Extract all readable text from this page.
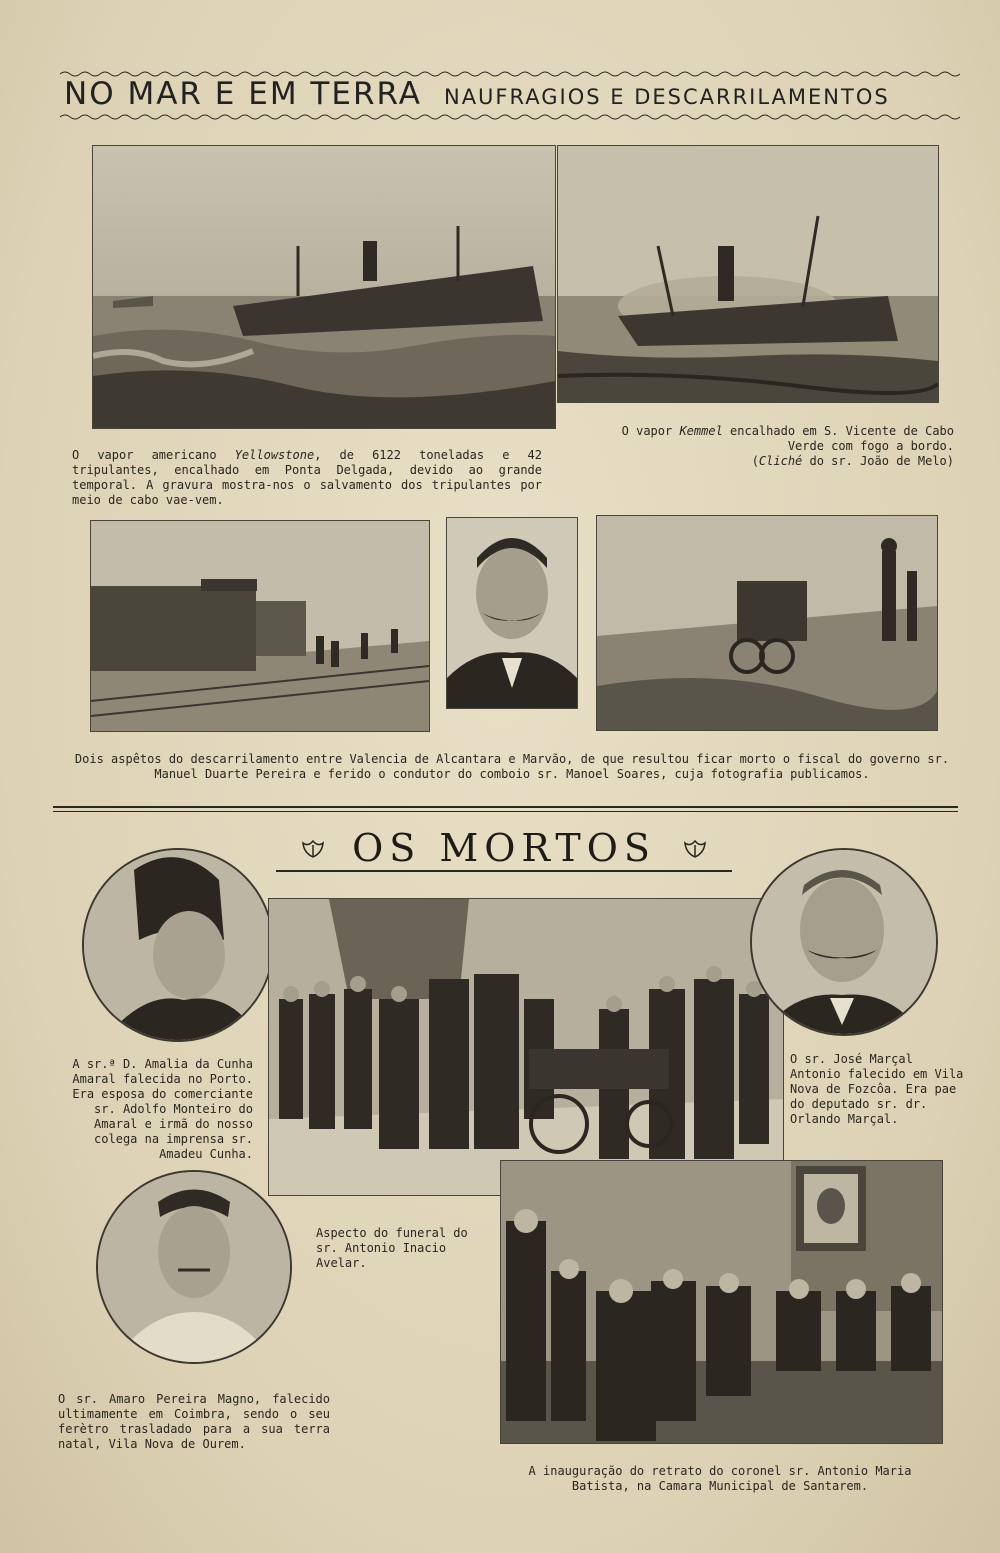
NO MAR E EM TERRA NAUFRAGIOS E DESCARRILAMENTOS
O vapor americano Yellowstone, de 6122 toneladas e 42 tripulantes, encalhado em Ponta Delgada, devido ao grande temporal. A gravura mostra-nos o salvamento dos tripulantes por meio de cabo vae-vem.
O vapor Kemmel encalhado em S. Vicente de Cabo Verde com fogo a bordo.
(Cliché do sr. João de Melo)
Dois aspêtos do descarrilamento entre Valencia de Alcantara e Marvão, de que resultou ficar morto o fiscal do governo sr. Manuel Duarte Pereira e ferido o condutor do comboio sr. Manoel Soares, cuja fotografia publicamos.
OS MORTOS
A sr.ª D. Amalia da Cunha Amaral falecida no Porto. Era esposa do comerciante sr. Adolfo Monteiro do Amaral e irmã do nosso colega na imprensa sr. Amadeu Cunha.
O sr. José Marçal Antonio falecido em Vila Nova de Fozcôa. Era pae do deputado sr. dr. Orlando Marçal.
O sr. Amaro Pereira Magno, falecido ultimamente em Coimbra, sendo o seu ferètro trasladado para a sua terra natal, Vila Nova de Ourem.
Aspecto do funeral do sr. Antonio Inacio Avelar.
A inauguração do retrato do coronel sr. Antonio Maria Batista, na Camara Municipal de Santarem.
